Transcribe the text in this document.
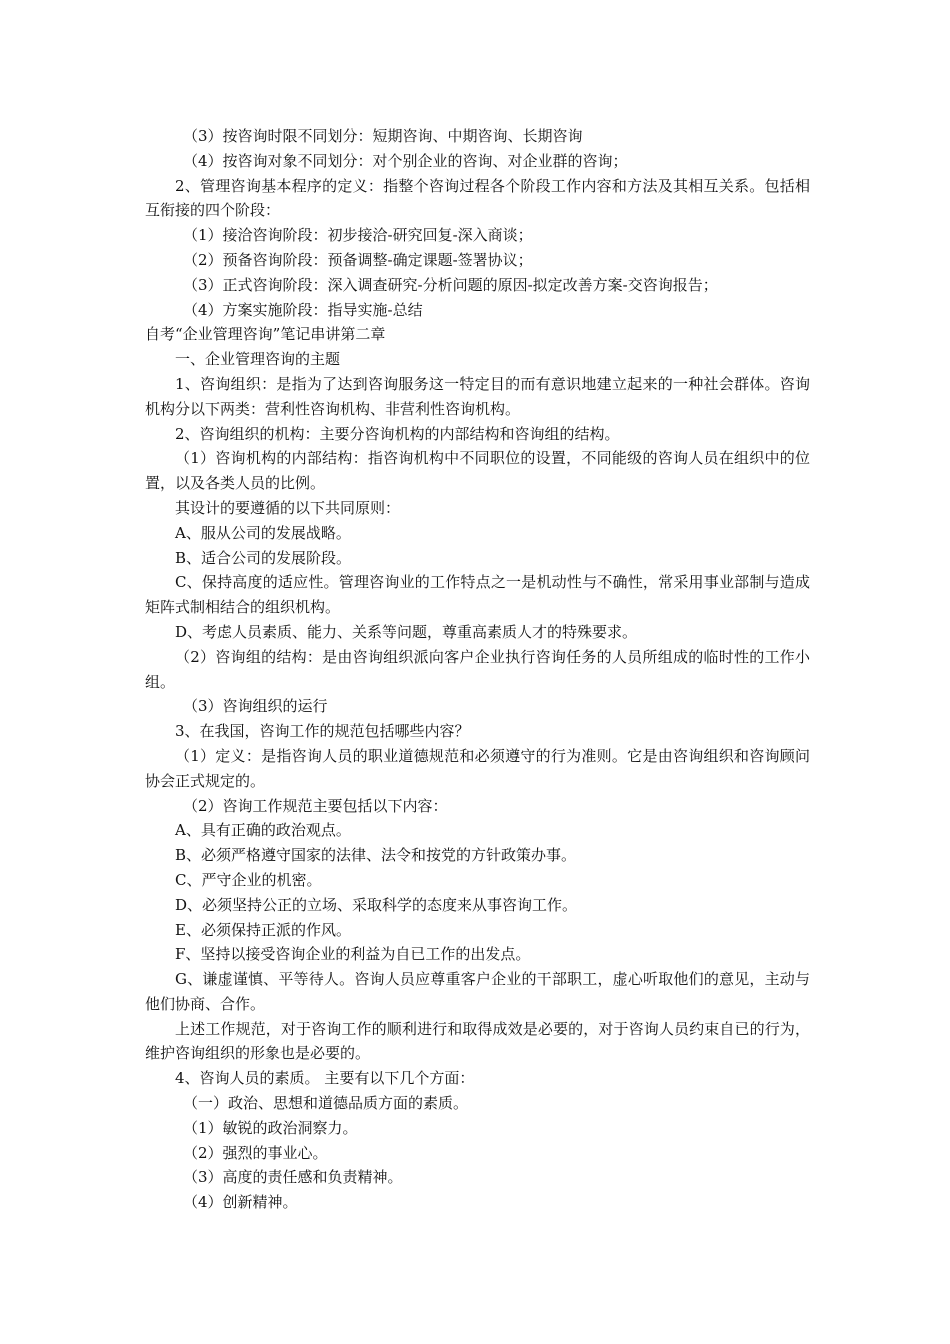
（3）按咨询时限不同划分：短期咨询、中期咨询、长期咨询

（4）按咨询对象不同划分：对个别企业的咨询、对企业群的咨询；

2、管理咨询基本程序的定义：指整个咨询过程各个阶段工作内容和方法及其相互关系。包括相互衔接的四个阶段：

（1）接洽咨询阶段：初步接洽-研究回复-深入商谈；

（2）预备咨询阶段：预备调整-确定课题-签署协议；

（3）正式咨询阶段：深入调查研究-分析问题的原因-拟定改善方案-交咨询报告；

（4）方案实施阶段：指导实施-总结

自考“企业管理咨询”笔记串讲第二章

一、企业管理咨询的主题

1、咨询组织：是指为了达到咨询服务这一特定目的而有意识地建立起来的一种社会群体。咨询机构分以下两类：营利性咨询机构、非营利性咨询机构。

2、咨询组织的机构：主要分咨询机构的内部结构和咨询组的结构。

（1）咨询机构的内部结构：指咨询机构中不同职位的设置，不同能级的咨询人员在组织中的位置，以及各类人员的比例。

其设计的要遵循的以下共同原则：

A、服从公司的发展战略。

B、适合公司的发展阶段。

C、保持高度的适应性。管理咨询业的工作特点之一是机动性与不确性，常采用事业部制与造成矩阵式制相结合的组织机构。

D、考虑人员素质、能力、关系等问题，尊重高素质人才的特殊要求。

（2）咨询组的结构：是由咨询组织派向客户企业执行咨询任务的人员所组成的临时性的工作小组。

（3）咨询组织的运行

3、在我国，咨询工作的规范包括哪些内容？

（1）定义：是指咨询人员的职业道德规范和必须遵守的行为准则。它是由咨询组织和咨询顾问协会正式规定的。

（2）咨询工作规范主要包括以下内容：

A、具有正确的政治观点。

B、必须严格遵守国家的法律、法令和按党的方针政策办事。

C、严守企业的机密。

D、必须坚持公正的立场、采取科学的态度来从事咨询工作。

E、必须保持正派的作风。

F、坚持以接受咨询企业的利益为自已工作的出发点。

G、谦虚谨慎、平等待人。咨询人员应尊重客户企业的干部职工，虚心听取他们的意见，主动与他们协商、合作。

上述工作规范，对于咨询工作的顺利进行和取得成效是必要的，对于咨询人员约束自已的行为，维护咨询组织的形象也是必要的。

4、咨询人员的素质。 主要有以下几个方面：

（一）政治、思想和道德品质方面的素质。

（1）敏锐的政治洞察力。

（2）强烈的事业心。

（3）高度的责任感和负责精神。

（4）创新精神。
